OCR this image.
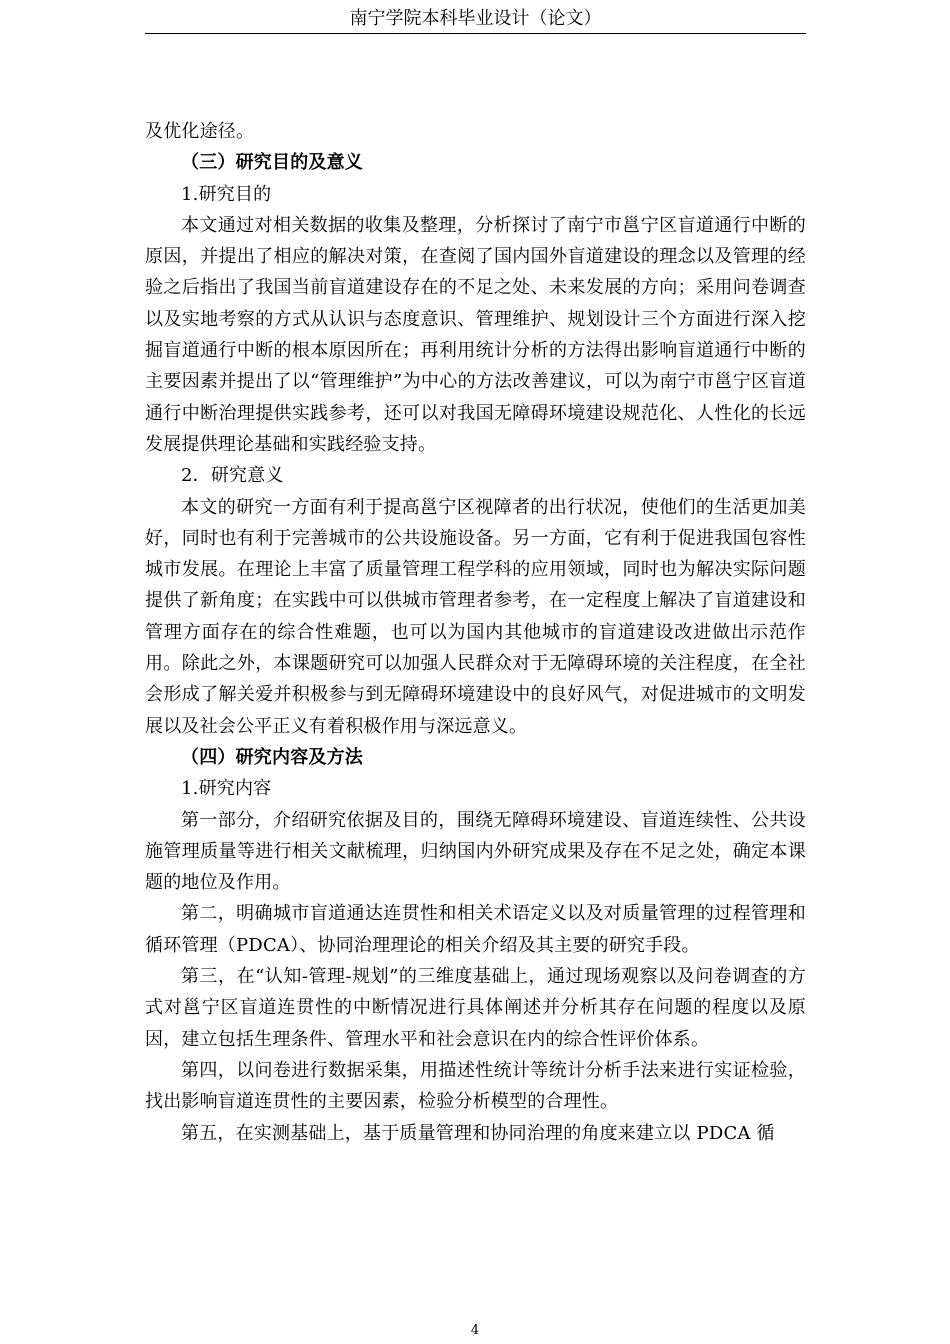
南宁学院本科毕业设计（论文）

及优化途径。

（三）研究目的及意义

1.研究目的

本文通过对相关数据的收集及整理，分析探讨了南宁市邕宁区盲道通行中断的原因，并提出了相应的解决对策，在查阅了国内国外盲道建设的理念以及管理的经验之后指出了我国当前盲道建设存在的不足之处、未来发展的方向；采用问卷调查以及实地考察的方式从认识与态度意识、管理维护、规划设计三个方面进行深入挖掘盲道通行中断的根本原因所在；再利用统计分析的方法得出影响盲道通行中断的主要因素并提出了以“管理维护”为中心的方法改善建议，可以为南宁市邕宁区盲道通行中断治理提供实践参考，还可以对我国无障碍环境建设规范化、人性化的长远发展提供理论基础和实践经验支持。

2．研究意义

本文的研究一方面有利于提高邕宁区视障者的出行状况，使他们的生活更加美好，同时也有利于完善城市的公共设施设备。另一方面，它有利于促进我国包容性城市发展。在理论上丰富了质量管理工程学科的应用领域，同时也为解决实际问题提供了新角度；在实践中可以供城市管理者参考，在一定程度上解决了盲道建设和管理方面存在的综合性难题，也可以为国内其他城市的盲道建设改进做出示范作用。除此之外，本课题研究可以加强人民群众对于无障碍环境的关注程度，在全社会形成了解关爱并积极参与到无障碍环境建设中的良好风气，对促进城市的文明发展以及社会公平正义有着积极作用与深远意义。

（四）研究内容及方法

1.研究内容

第一部分，介绍研究依据及目的，围绕无障碍环境建设、盲道连续性、公共设施管理质量等进行相关文献梳理，归纳国内外研究成果及存在不足之处，确定本课题的地位及作用。

第二，明确城市盲道通达连贯性和相关术语定义以及对质量管理的过程管理和循环管理（PDCA）、协同治理理论的相关介绍及其主要的研究手段。

第三，在“认知-管理-规划”的三维度基础上，通过现场观察以及问卷调查的方式对邕宁区盲道连贯性的中断情况进行具体阐述并分析其存在问题的程度以及原因，建立包括生理条件、管理水平和社会意识在内的综合性评价体系。

第四，以问卷进行数据采集，用描述性统计等统计分析手法来进行实证检验，找出影响盲道连贯性的主要因素，检验分析模型的合理性。

第五，在实测基础上，基于质量管理和协同治理的角度来建立以 PDCA 循

4
